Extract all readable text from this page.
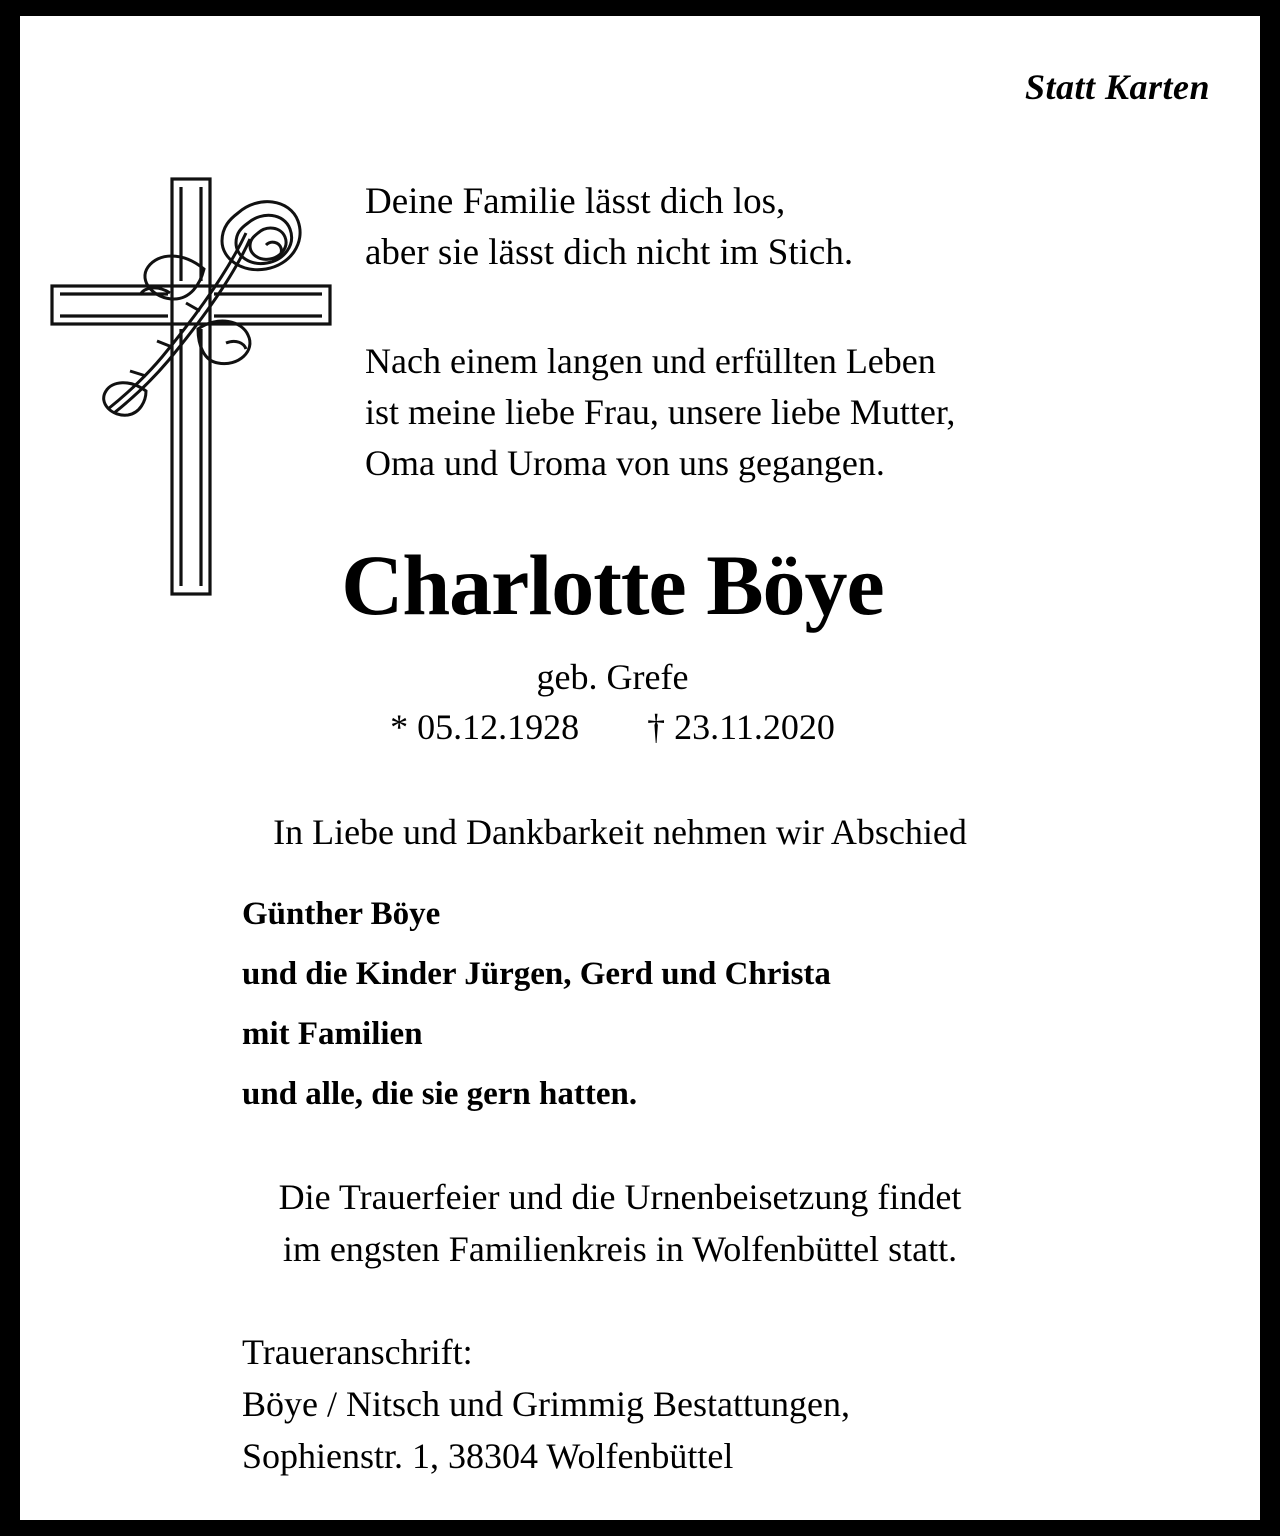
Statt Karten
Deine Familie lässt dich los,
aber sie lässt dich nicht im Stich.
Nach einem langen und erfüllten Leben
ist meine liebe Frau, unsere liebe Mutter,
Oma und Uroma von uns gegangen.
Charlotte Böye
geb. Grefe
* 05.12.1928 † 23.11.2020
In Liebe und Dankbarkeit nehmen wir Abschied
Günther Böye
und die Kinder Jürgen, Gerd und Christa
mit Familien
und alle, die sie gern hatten.
Die Trauerfeier und die Urnenbeisetzung findet
im engsten Familienkreis in Wolfenbüttel statt.
Traueranschrift:
Böye / Nitsch und Grimmig Bestattungen,
Sophienstr. 1, 38304 Wolfenbüttel
